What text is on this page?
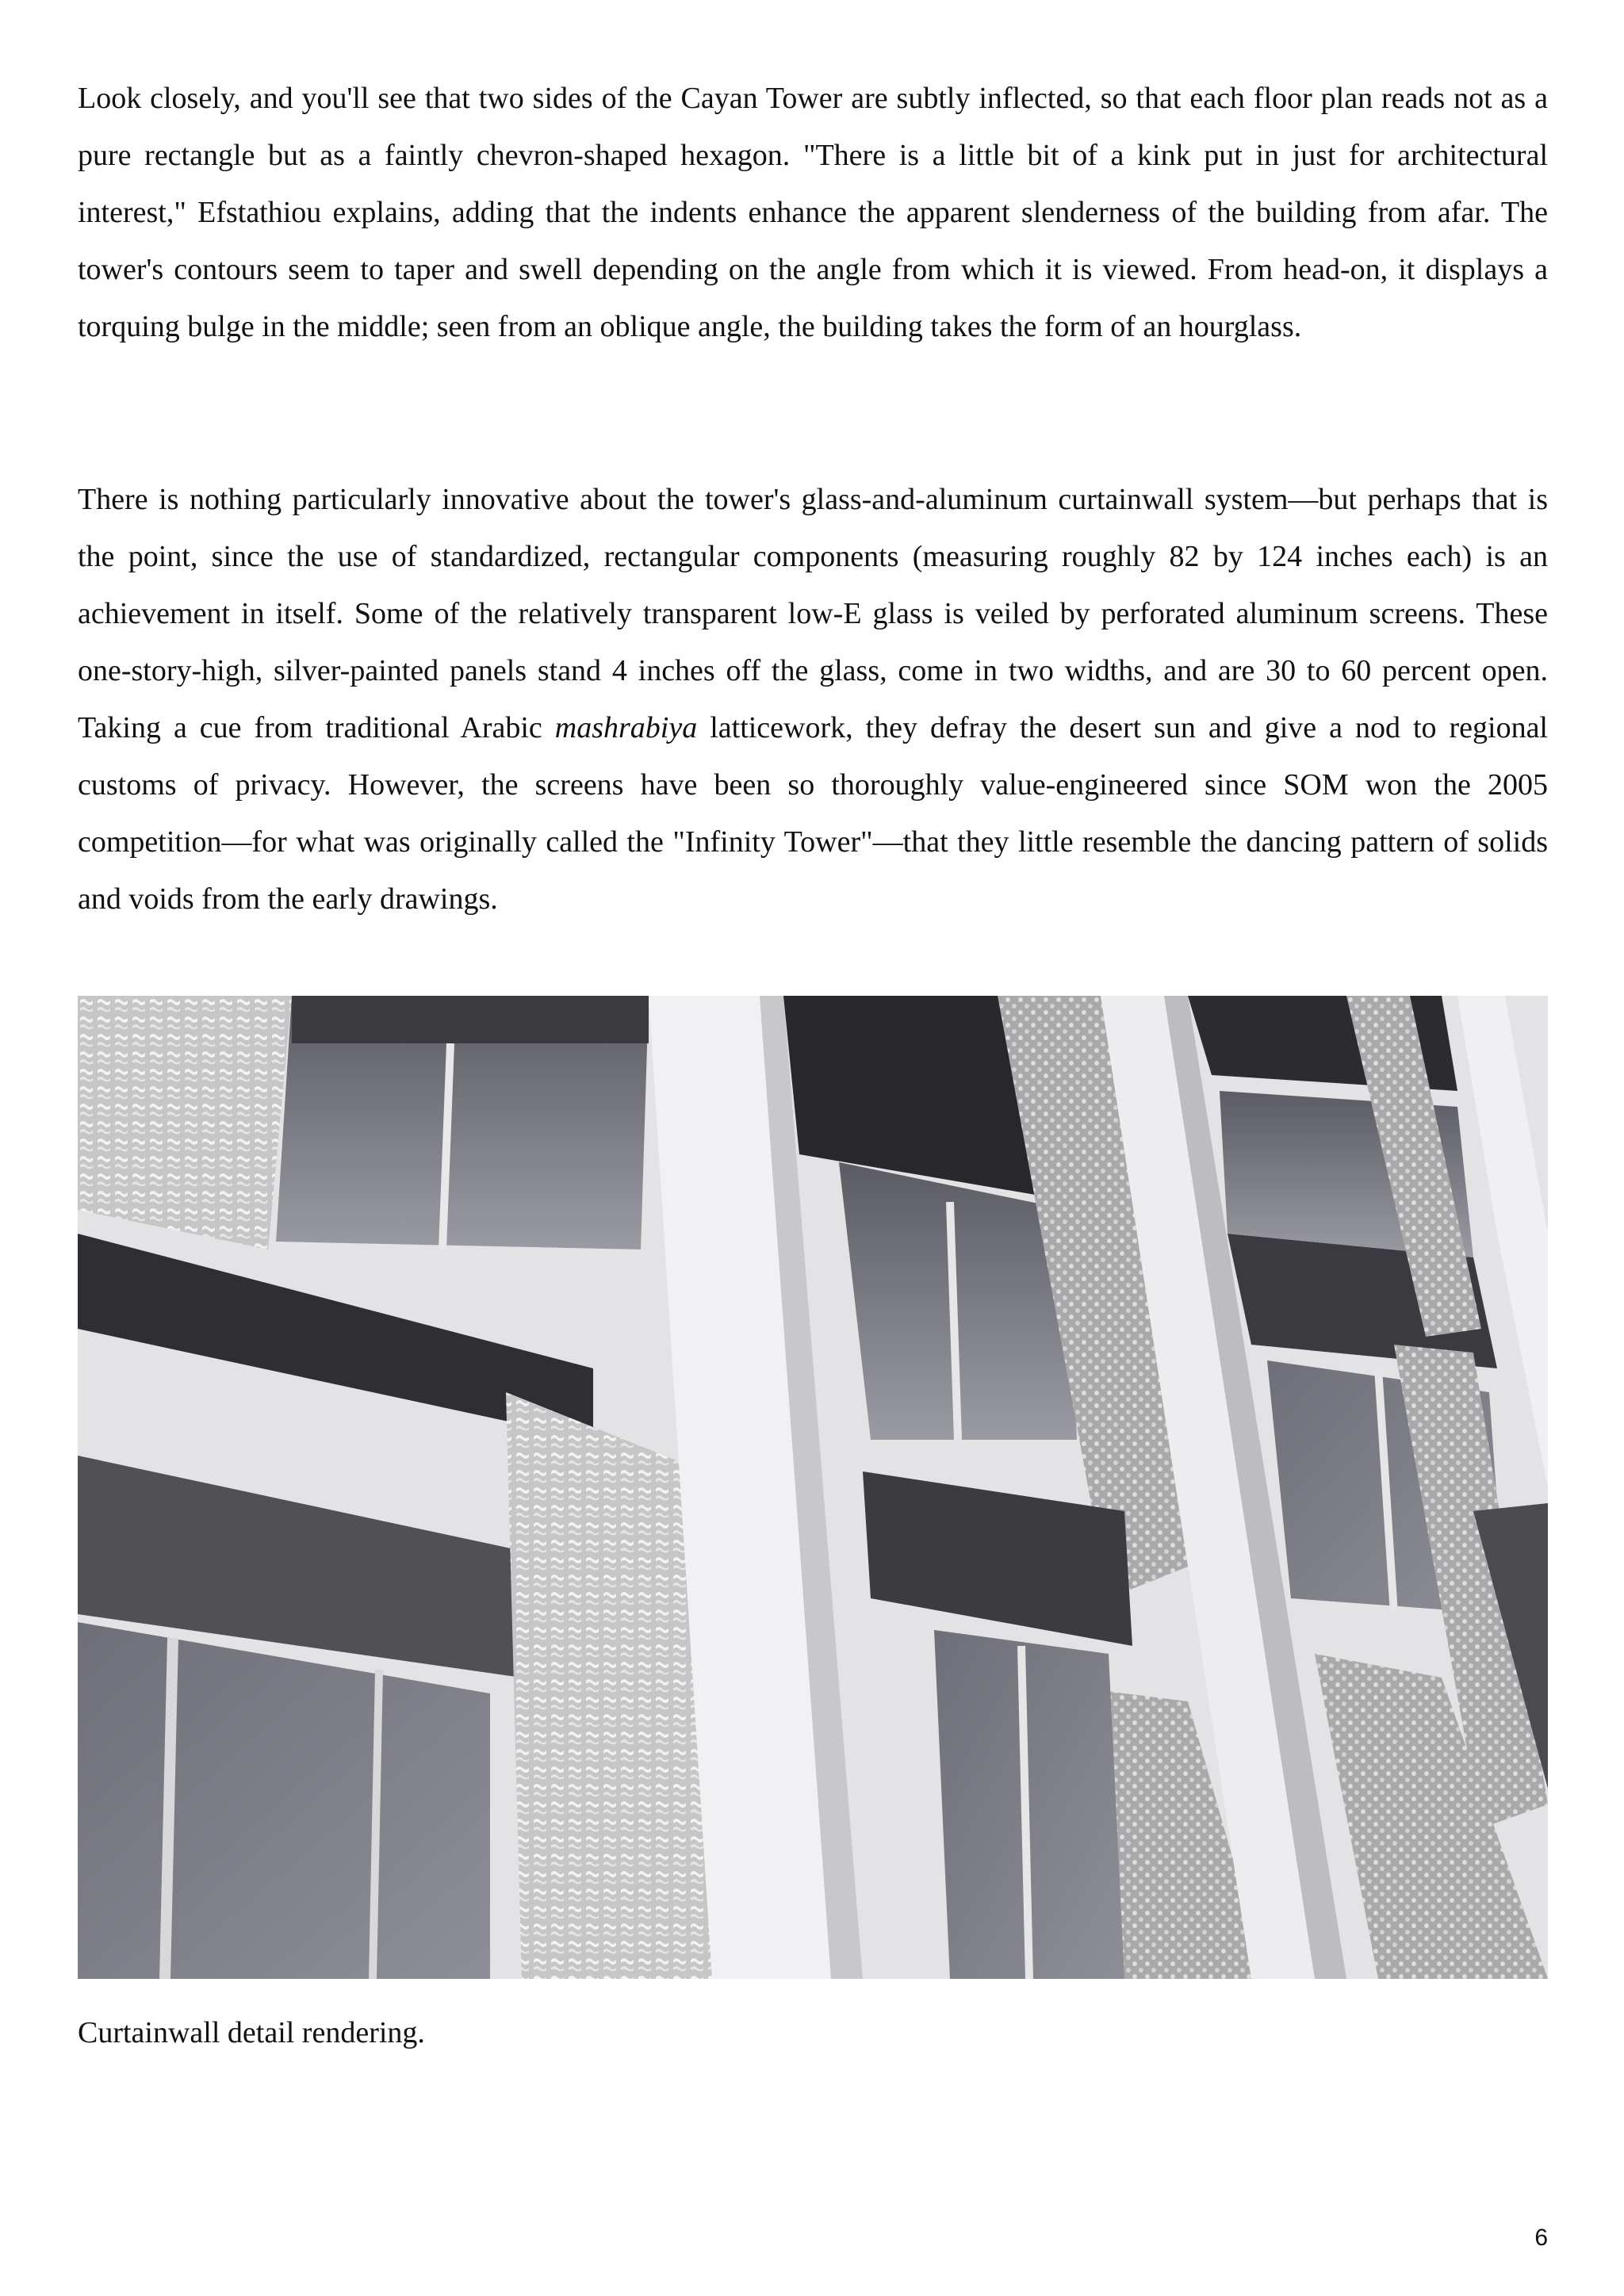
Look closely, and you'll see that two sides of the Cayan Tower are subtly inflected, so that each floor plan reads not as a pure rectangle but as a faintly chevron-shaped hexagon. "There is a little bit of a kink put in just for architectural interest," Efstathiou explains, adding that the indents enhance the apparent slenderness of the building from afar. The tower's contours seem to taper and swell depending on the angle from which it is viewed. From head-on, it displays a torquing bulge in the middle; seen from an oblique angle, the building takes the form of an hourglass.

There is nothing particularly innovative about the tower's glass-and-aluminum curtainwall system—but perhaps that is the point, since the use of standardized, rectangular components (measuring roughly 82 by 124 inches each) is an achievement in itself. Some of the relatively transparent low-E glass is veiled by perforated aluminum screens. These one-story-high, silver-painted panels stand 4 inches off the glass, come in two widths, and are 30 to 60 percent open. Taking a cue from traditional Arabic mashrabiya latticework, they defray the desert sun and give a nod to regional customs of privacy. However, the screens have been so thoroughly value-engineered since SOM won the 2005 competition—for what was originally called the "Infinity Tower"—that they little resemble the dancing pattern of solids and voids from the early drawings.

Curtainwall detail rendering.

6
